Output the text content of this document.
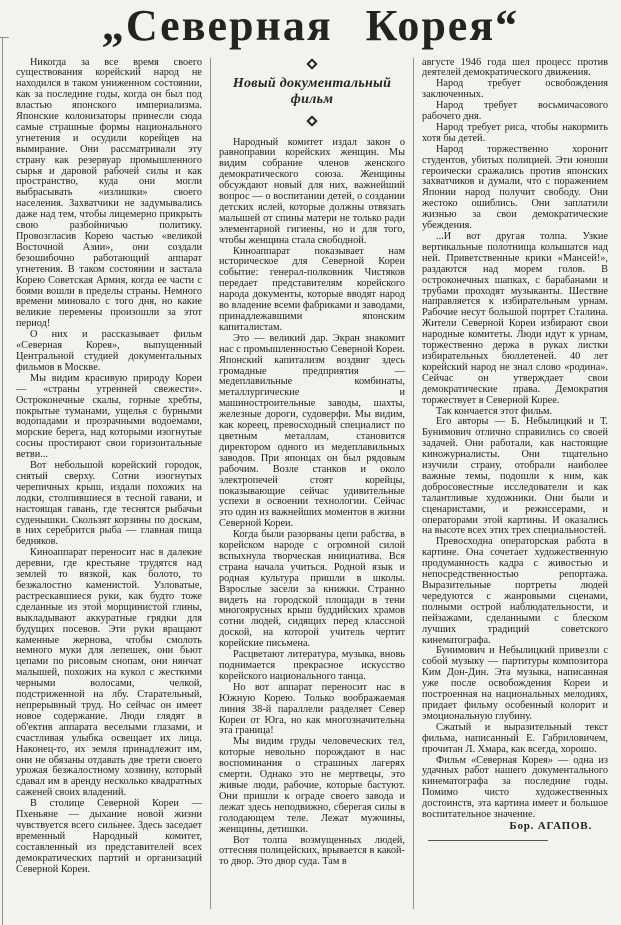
„Северная Корея“

Никогда за все время своего существования корейский народ не находился в таком униженном состоянии, как за последние годы, когда он был под властью японского империализма. Японские колонизаторы принесли сюда самые страшные формы национального угнетения и осудили корейцев на вымирание. Они рассматривали эту страну как резервуар промышленного сырья и даровой рабочей силы и как пространство, куда они могли выбрасывать «излишки» своего населения. Захватчики не задумывались даже над тем, чтобы лицемерно прикрыть свою разбойничью политику. Провозгласив Корею частью «великой Восточной Азии», они создали безошибочно работающий аппарат угнетения. В таком состоянии и застала Корею Советская Армия, когда ее части с боями вошли в пределы страны. Немного времени миновало с того дня, но какие великие перемены произошли за этот период!

О них и рассказывает фильм «Северная Корея», выпущенный Центральной студией документальных фильмов в Москве.

Мы видим красивую природу Кореи — «страны утренней свежести». Остроконечные скалы, горные хребты, покрытые туманами, ущелья с бурными водопадами и прозрачными водоемами, морские берега, над которыми изогнутые сосны простирают свои горизонтальные ветви...

Вот небольшой корейский городок, снятый сверху. Сотни изогнутых черепичных крыш, издали похожих на лодки, столпившиеся в тесной гавани, и настоящая гавань, где теснятся рыбачьи суденышки. Скользят корзины по доскам, в них серебрится рыба — главная пища бедняков.

Киноаппарат переносит нас в далекие деревни, где крестьяне трудятся над землей то вязкой, как болото, то безжалостно каменистой. Узловатые, растрескавшиеся руки, как будто тоже сделанные из этой морщинистой глины, выкладывают аккуратные грядки для будущих посевов. Эти руки вращают каменные жернова, чтобы смолоть немного муки для лепешек, они бьют цепами по рисовым снопам, они нянчат малышей, похожих на кукол с жесткими черными волосами, челкой, подстриженной на лбу. Старательный, непрерывный труд. Но сейчас он имеет новое содержание. Люди глядят в об'ектив аппарата веселыми глазами, и счастливая улыбка освещает их лица. Наконец-то, их земля принадлежит им, они не обязаны отдавать две трети своего урожая безжалостному хозяину, который сдавал им в аренду несколько квадратных саженей своих владений.

В столице Северной Кореи — Пхеньяне — дыхание новой жизни чувствуется всего сильнее. Здесь заседает временный Народный комитет, составленный из представителей всех демократических партий и организаций Северной Кореи.

Новый документальный фильм

Народный комитет издал закон о равноправии корейских женщин. Мы видим собрание членов женского демократического союза. Женщины обсуждают новый для них, важнейший вопрос — о воспитании детей, о создании детских яслей, которые должны отвязать малышей от спины матери не только ради элементарной гигиены, но и для того, чтобы женщина стала свободной.

Киноаппарат показывает нам историческое для Северной Кореи событие: генерал-полковник Чистяков передает представителям корейского народа документы, которые вводят народ во владение всеми фабриками и заводами, принадлежавшими японским капиталистам.

Это — великий дар. Экран знакомит нас с промышленностью Северной Кореи. Японский капитализм воздвиг здесь громадные предприятия — медеплавильные комбинаты, металлургические и машиностроительные заводы, шахты, железные дороги, судоверфи. Мы видим, как кореец, превосходный специалист по цветным металлам, становится директором одного из медеплавильных заводов. При японцах он был рядовым рабочим. Возле станков и около электропечей стоят корейцы, показывающие сейчас удивительные успехи в освоении технологии. Сейчас это один из важнейших моментов в жизни Северной Кореи.

Когда были разорваны цепи рабства, в корейском народе с огромной силой вспыхнула творческая инициатива. Вся страна начала учиться. Родной язык и родная культура пришли в школы. Взрослые засели за книжки. Странно видеть на городской площади в тени многоярусных крыш буддийских храмов сотни людей, сидящих перед классной доской, на которой учитель чертит корейские письмена.

Расцветают литература, музыка, вновь поднимается прекрасное искусство корейского национального танца.

Но вот аппарат переносит нас в Южную Корею. Только воображаемая линия 38-й параллели разделяет Север Кореи от Юга, но как многозначительна эта граница!

Мы видим груды человеческих тел, которые невольно порождают в нас воспоминания о страшных лагерях смерти. Однако это не мертвецы, это живые люди, рабочие, которые бастуют. Они пришли к ограде своего завода и лежат здесь неподвижно, сберегая силы в голодающем теле. Лежат мужчины, женщины, детишки.

Вот толпа возмущенных людей, оттесняя полицейских, врывается в какой-то двор. Это двор суда. Там в

августе 1946 года шел процесс против деятелей демократического движения.

Народ требует освобождения заключенных.

Народ требует восьмичасового рабочего дня.

Народ требует риса, чтобы накормить хотя бы детей.

Народ торжественно хоронит студентов, убитых полицией. Эти юноши героически сражались против японских захватчиков и думали, что с поражением Японии народ получит свободу. Они жестоко ошиблись. Они заплатили жизнью за свои демократические убеждения.

...И вот другая толпа. Узкие вертикальные полотнища колышатся над ней. Приветственные крики «Мансей!», раздаются над морем голов. В остроконечных шапках, с барабанами и трубами проходят музыканты. Шествие направляется к избирательным урнам. Рабочие несут большой портрет Сталина. Жители Северной Кореи избирают свои народные комитеты. Люди идут к урнам, торжественно держа в руках листки избирательных бюллетеней. 40 лет корейский народ не знал слово «родина». Сейчас он утверждает свои демократические права. Демократия торжествует в Северной Корее.

Так кончается этот фильм.

Его авторы — Б. Небылицкий и Т. Бунимович отлично справились со своей задачей. Они работали, как настоящие киножурналисты. Они тщательно изучили страну, отобрали наиболее важные темы, подошли к ним, как добросовестные исследователи и как талантливые художники. Они были и сценаристами, и режиссерами, и операторами этой картины. И оказались на высоте всех этих трех специальностей.

Превосходна операторская работа в картине. Она сочетает художественную продуманность кадра с живостью и непосредственностью репортажа. Выразительные портреты людей чередуются с жанровыми сценами, полными острой наблюдательности, и пейзажами, сделанными с блеском лучших традиций советского кинематографа.

Бунимович и Небылицкий привезли с собой музыку — партитуры композитора Ким Дон-Дин. Эта музыка, написанная уже после освобождения Кореи и построенная на национальных мелодиях, придает фильму особенный колорит и эмоциональную глубину.

Сжатый и выразительный текст фильма, написанный Е. Габриловичем, прочитан Л. Хмара, как всегда, хорошо.

Фильм «Северная Корея» — одна из удачных работ нашего документального кинематографа за последние годы. Помимо чисто художественных достоинств, эта картина имеет и большое воспитательное значение.

Бор. АГАПОВ.
